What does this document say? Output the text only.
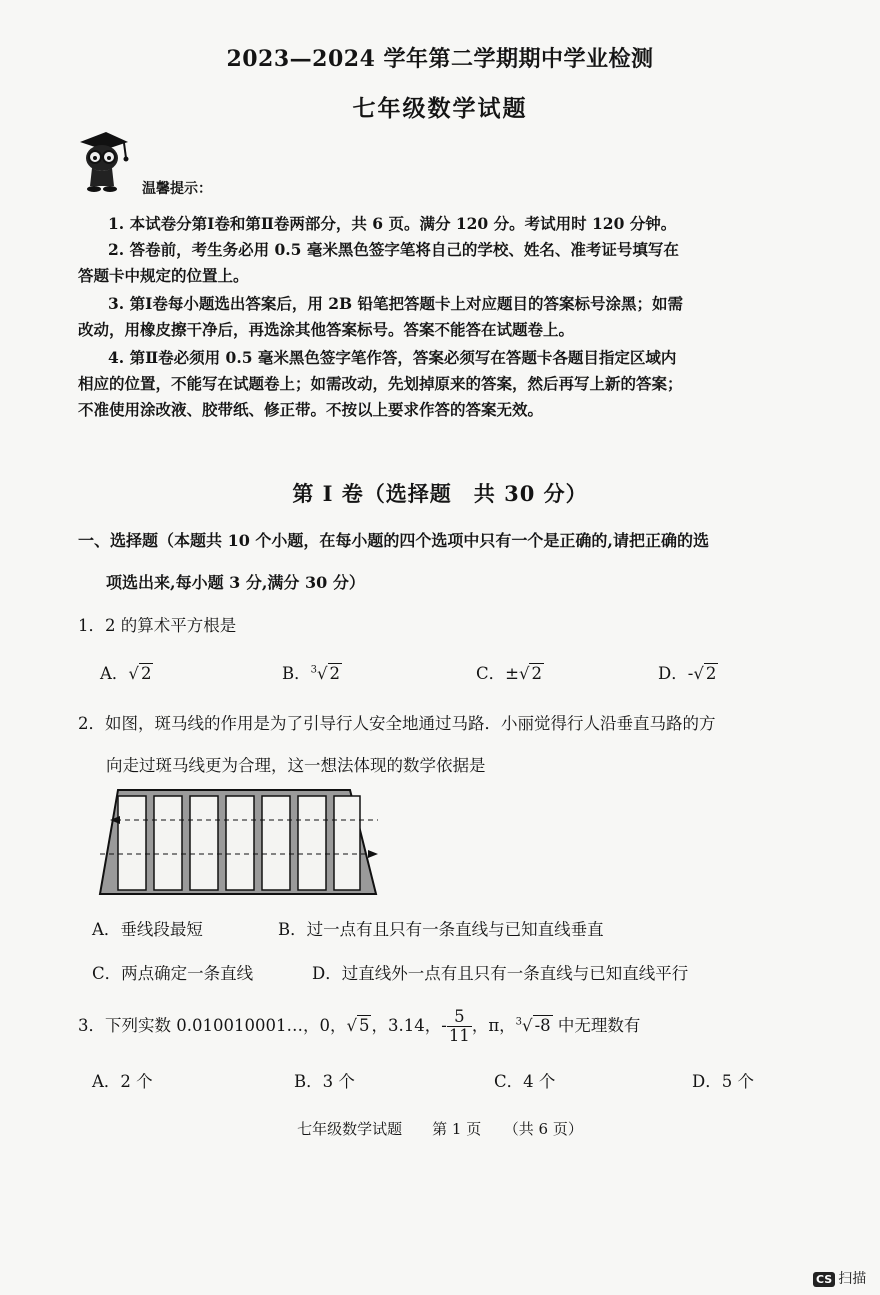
2023—2024 学年第二学期期中学业检测
七年级数学试题
温馨提示：
1. 本试卷分第Ⅰ卷和第Ⅱ卷两部分，共 6 页。满分 120 分。考试用时 120 分钟。
2. 答卷前，考生务必用 0.5 毫米黑色签字笔将自己的学校、姓名、准考证号填写在
答题卡中规定的位置上。
3. 第Ⅰ卷每小题选出答案后，用 2B 铅笔把答题卡上对应题目的答案标号涂黑；如需
改动，用橡皮擦干净后，再选涂其他答案标号。答案不能答在试题卷上。
4. 第Ⅱ卷必须用 0.5 毫米黑色签字笔作答，答案必须写在答题卡各题目指定区域内
相应的位置，不能写在试题卷上；如需改动，先划掉原来的答案，然后再写上新的答案；
不准使用涂改液、胶带纸、修正带。不按以上要求作答的答案无效。
第 Ⅰ 卷（选择题　共 30 分）
一、选择题（本题共 10 个小题，在每小题的四个选项中只有一个是正确的,请把正确的选
项选出来,每小题 3 分,满分 30 分）
1．2 的算术平方根是
A．√ 2	B．$^3$√ 2	C．±√ 2	D．-√ 2
2．如图，斑马线的作用是为了引导行人安全地通过马路．小丽觉得行人沿垂直马路的方
向走过斑马线更为合理，这一想法体现的数学依据是
A．垂线段最短	B．过一点有且只有一条直线与已知直线垂直
C．两点确定一条直线	D．过直线外一点有且只有一条直线与已知直线平行
3．下列实数 0.010010001…，0，√ 5 ，3.14，- $\frac{5}{11}$ ，π，$^3$√ -8 中无理数有
A．2 个	B．3 个	C．4 个	D．5 个
七年级数学试题　　第 1 页　　（共 6 页）
CS 扫描
